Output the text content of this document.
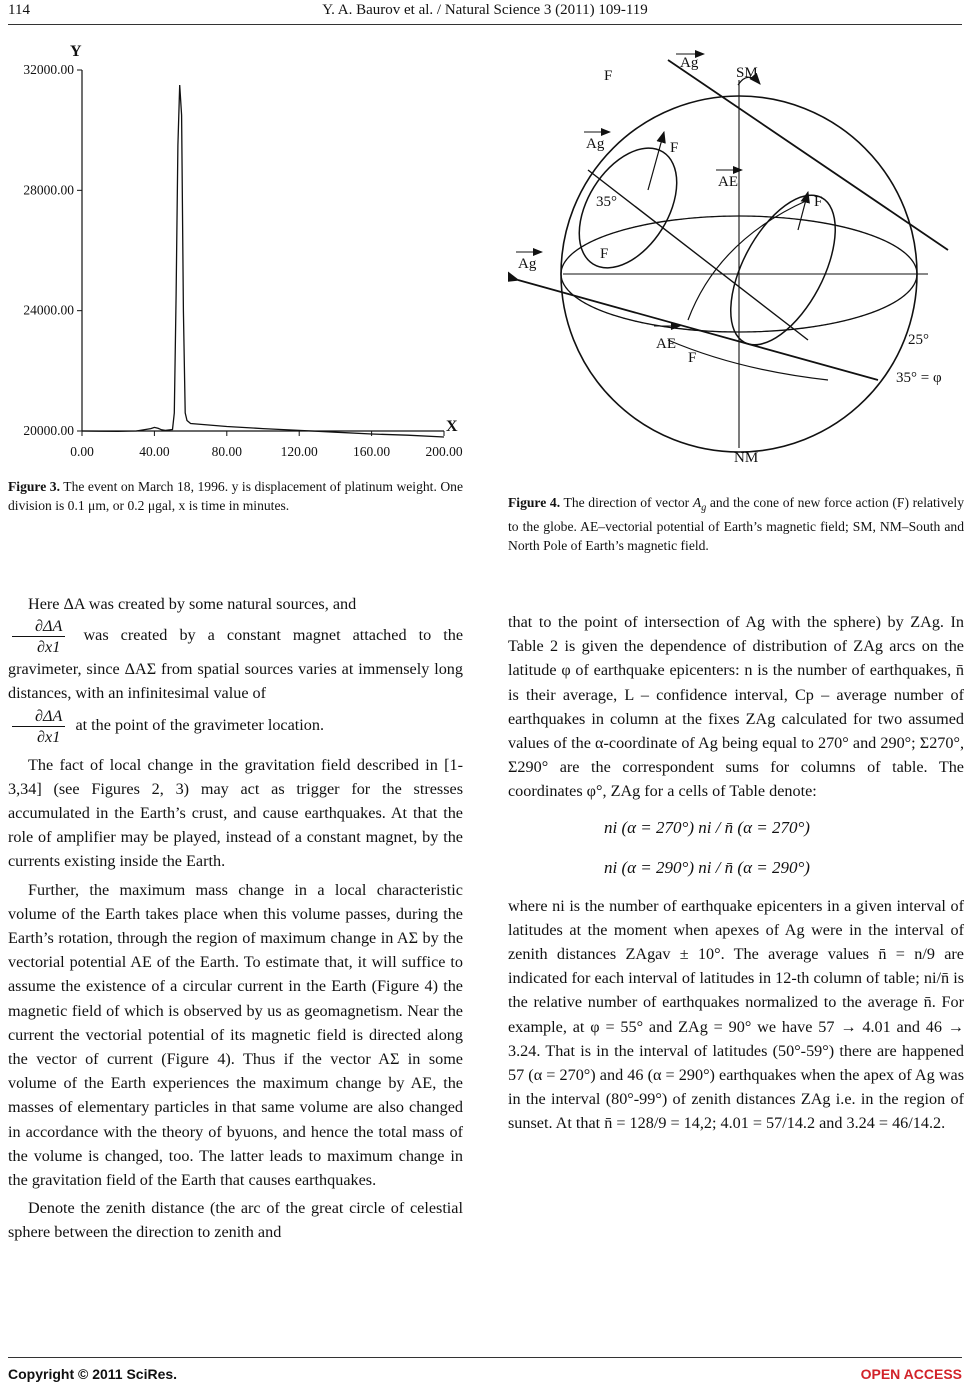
114	Y. A. Baurov et al. / Natural Science 3 (2011) 109-119
0.00	40.00	80.00	120.00	160.00	200.00
20000.00
24000.00
28000.00
32000.00
Y
X
Figure 3. The event on March 18, 1996. y is displacement of platinum weight. One division is 0.1 μm, or 0.2 μgal, x is time in minutes.
F
Ag
SM
Ag	F
AE
35°	F
F
Ag
AE
F
25°
35° = φ
NM
Figure 4. The direction of vector $A_g$ and the cone of new force action (F) relatively to the globe. AE–vectorial potential of Earth’s magnetic field; SM, NM–South and North Pole of Earth’s magnetic field.

Here ΔA was created by some natural sources, and

$\frac{\partial\Delta A}{\partial x1}$ was created by a constant magnet attached to the gravimeter, since ΔAΣ from spatial sources varies at immensely long distances, with an infinitesimal value of

$\frac{\partial\Delta A}{\partial x1}$ at the point of the gravimeter location.

The fact of local change in the gravitation field described in [1-3,34] (see Figures 2, 3) may act as trigger for the stresses accumulated in the Earth’s crust, and cause earthquakes. At that the role of amplifier may be played, instead of a constant magnet, by the currents existing inside the Earth.

Further, the maximum mass change in a local characteristic volume of the Earth takes place when this volume passes, during the Earth’s rotation, through the region of maximum change in AΣ by the vectorial potential AE of the Earth. To estimate that, it will suffice to assume the existence of a circular current in the Earth (Figure 4) the magnetic field of which is observed by us as geomagnetism. Near the current the vectorial potential of its magnetic field is directed along the vector of current (Figure 4). Thus if the vector AΣ in some volume of the Earth experiences the maximum change by AE, the masses of elementary particles in that same volume are also changed in accordance with the theory of byuons, and hence the total mass of the volume is changed, too. The latter leads to maximum change in the gravitation field of the Earth that causes earthquakes.

Denote the zenith distance (the arc of the great circle of celestial sphere between the direction to zenith and

that to the point of intersection of Ag with the sphere) by ZAg. In Table 2 is given the dependence of distribution of ZAg arcs on the latitude φ of earthquake epicenters: n is the number of earthquakes, n̄ is their average, L – confidence interval, Cp – average number of earthquakes in column at the fixes ZAg calculated for two assumed values of the α-coordinate of Ag being equal to 270° and 290°; Σ270°, Σ290° are the correspondent sums for columns of table. The coordinates φ°, ZAg for a cells of Table denote:

ni (α = 270°) ni / n̄ (α = 270°)
ni (α = 290°) ni / n̄ (α = 290°)

where ni is the number of earthquake epicenters in a given interval of latitudes at the moment when apexes of Ag were in the interval of zenith distances ZAgav ± 10°. The average values n̄ = n/9 are indicated for each interval of latitudes in 12-th column of table; ni/n̄ is the relative number of earthquakes normalized to the average n̄. For example, at φ = 55° and ZAg = 90° we have 57 → 4.01 and 46 → 3.24. That is in the interval of latitudes (50°-59°) there are happened 57 (α = 270°) and 46 (α = 290°) earthquakes when the apex of Ag was in the interval (80°-99°) of zenith distances ZAg i.e. in the region of sunset. At that n̄ = 128/9 = 14,2; 4.01 = 57/14.2 and 3.24 = 46/14.2.

Copyright © 2011 SciRes.	OPEN ACCESS
